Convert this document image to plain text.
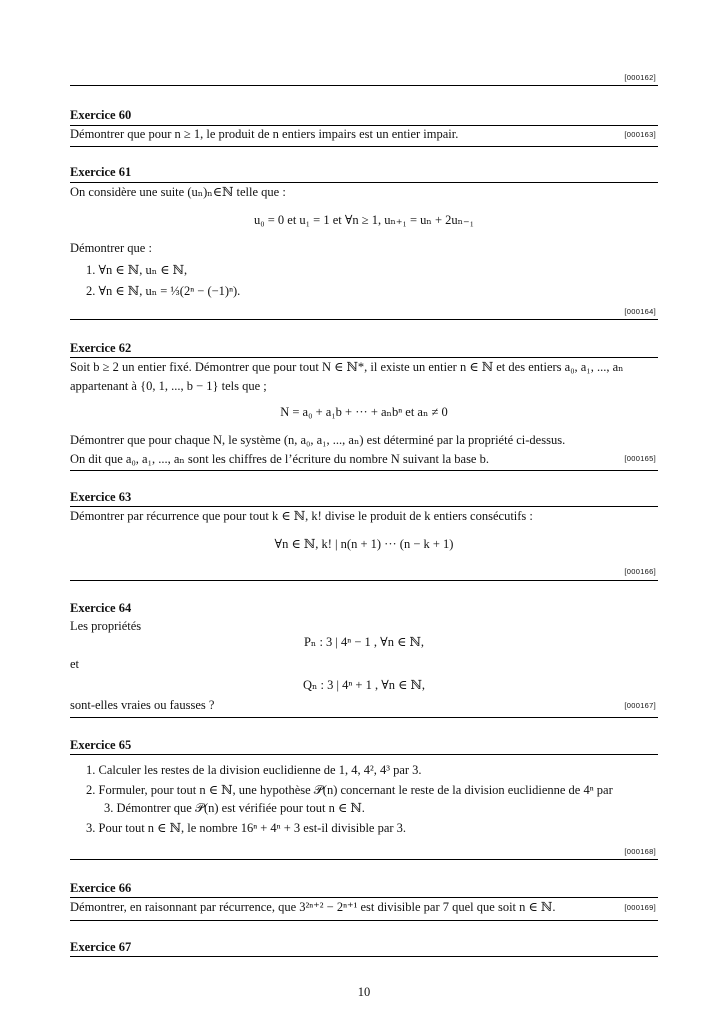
[000162]
Exercice 60
Démontrer que pour n ≥ 1, le produit de n entiers impairs est un entier impair.	[000163]
Exercice 61
On considère une suite (uₙ)ₙ∈ℕ telle que :
u₀ = 0 et u₁ = 1 et ∀n ≥ 1, uₙ₊₁ = uₙ + 2uₙ₋₁
Démontrer que :
1. ∀n ∈ ℕ, uₙ ∈ ℕ,
2. ∀n ∈ ℕ, uₙ = ⅓(2ⁿ − (−1)ⁿ).
[000164]
Exercice 62
Soit b ≥ 2 un entier fixé. Démontrer que pour tout N ∈ ℕ*, il existe un entier n ∈ ℕ et des entiers a₀, a₁, ..., aₙ
appartenant à {0, 1, ..., b − 1} tels que ;
N = a₀ + a₁b + ··· + aₙbⁿ et aₙ ≠ 0
Démontrer que pour chaque N, le système (n, a₀, a₁, ..., aₙ) est déterminé par la propriété ci-dessus.
On dit que a₀, a₁, ..., aₙ sont les chiffres de l’écriture du nombre N suivant la base b.	[000165]
Exercice 63
Démontrer par récurrence que pour tout k ∈ ℕ, k! divise le produit de k entiers consécutifs :
∀n ∈ ℕ, k! | n(n + 1) ··· (n − k + 1)
[000166]
Exercice 64
Les propriétés
Pₙ : 3 | 4ⁿ − 1 , ∀n ∈ ℕ,
et
Qₙ : 3 | 4ⁿ + 1 , ∀n ∈ ℕ,
sont-elles vraies ou fausses ?	[000167]
Exercice 65
1. Calculer les restes de la division euclidienne de 1, 4, 4², 4³ par 3.
2. Formuler, pour tout n ∈ ℕ, une hypothèse 𝒫(n) concernant le reste de la division euclidienne de 4ⁿ par
3. Démontrer que 𝒫(n) est vérifiée pour tout n ∈ ℕ.
3. Pour tout n ∈ ℕ, le nombre 16ⁿ + 4ⁿ + 3 est-il divisible par 3.
[000168]
Exercice 66
Démontrer, en raisonnant par récurrence, que 3²ⁿ⁺² − 2ⁿ⁺¹ est divisible par 7 quel que soit n ∈ ℕ.	[000169]
Exercice 67
10
